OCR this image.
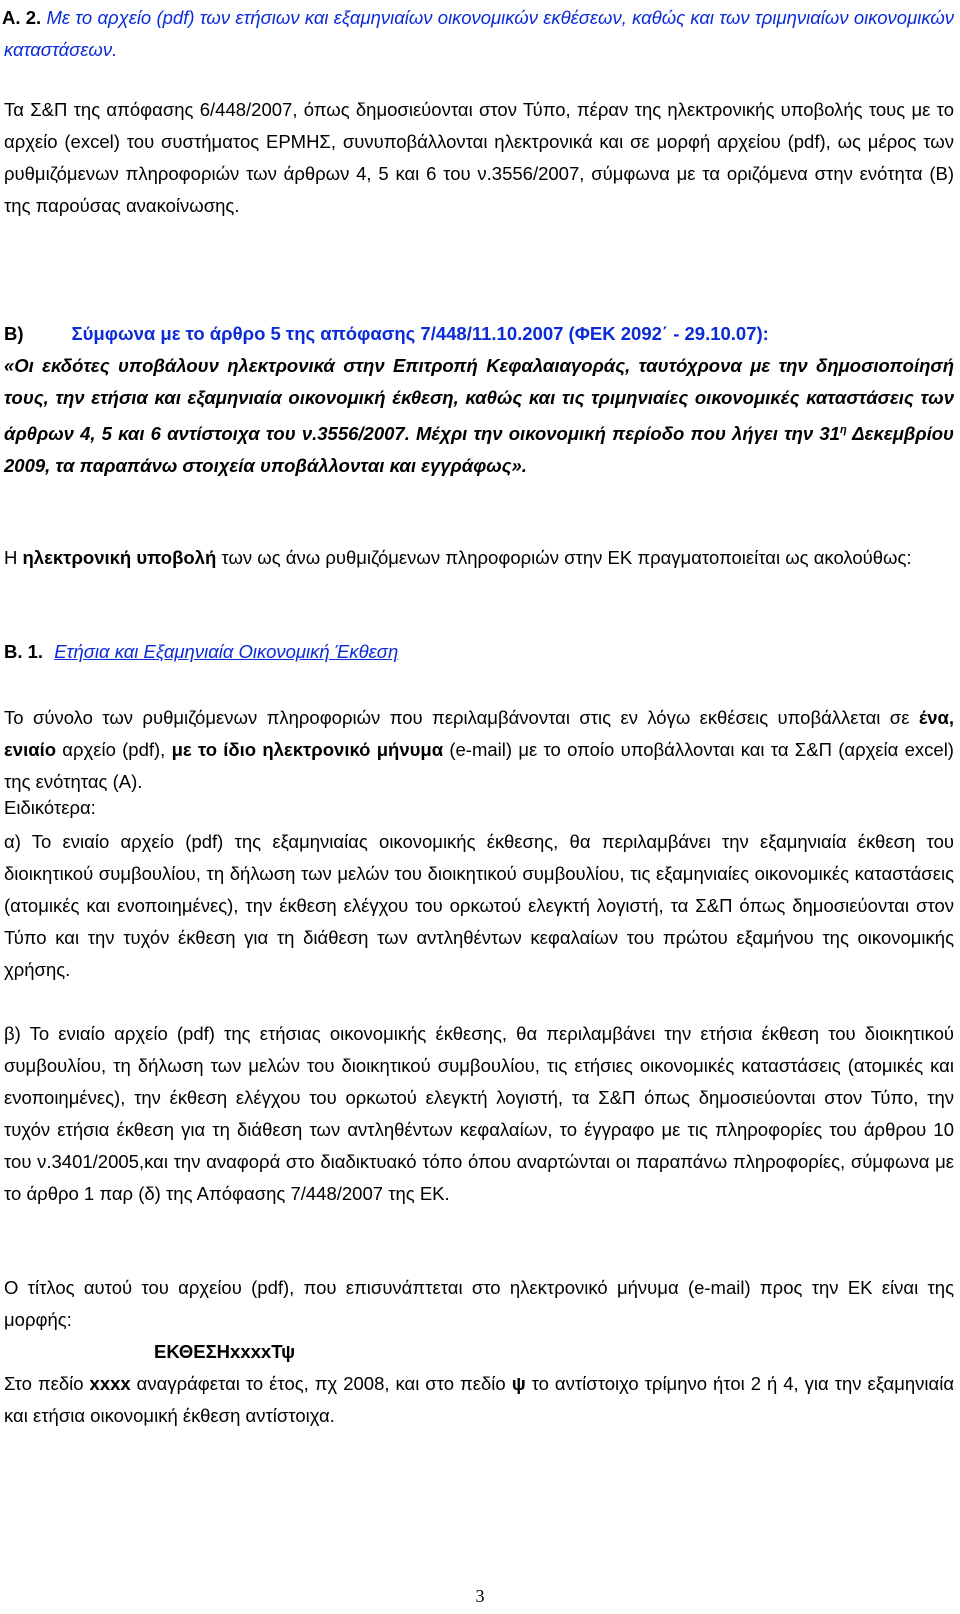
Α. 2. Με το αρχείο (pdf) των ετήσιων και εξαμηνιαίων οικονομικών εκθέσεων, καθώς και των τριμηνιαίων οικονομικών καταστάσεων.

Τα Σ&Π της απόφασης 6/448/2007, όπως δημοσιεύονται στον Τύπο, πέραν της ηλεκτρονικής υποβολής τους με το αρχείο (excel) του συστήματος ΕΡΜΗΣ, συνυποβάλλονται ηλεκτρονικά και σε μορφή αρχείου (pdf), ως μέρος των ρυθμιζόμενων πληροφοριών των άρθρων 4, 5 και 6 του ν.3556/2007, σύμφωνα με τα οριζόμενα στην ενότητα (Β) της παρούσας ανακοίνωσης.

Β)	Σύμφωνα με το άρθρο 5 της απόφασης 7/448/11.10.2007 (ΦΕΚ 2092΄ - 29.10.07):

«Οι εκδότες υποβάλουν ηλεκτρονικά στην Επιτροπή Κεφαλαιαγοράς, ταυτόχρονα με την δημοσιοποίησή τους, την ετήσια και εξαμηνιαία οικονομική έκθεση, καθώς και τις τριμηνιαίες οικονομικές καταστάσεις των άρθρων 4, 5 και 6 αντίστοιχα του ν.3556/2007. Μέχρι την οικονομική περίοδο που λήγει την $31^\eta$ Δεκεμβρίου 2009, τα παραπάνω στοιχεία υποβάλλονται και εγγράφως».

Η ηλεκτρονική υποβολή των ως άνω ρυθμιζόμενων πληροφοριών στην ΕΚ πραγματοποιείται ως ακολούθως:

Β. 1. Ετήσια και Εξαμηνιαία Οικονομική Έκθεση

Το σύνολο των ρυθμιζόμενων πληροφοριών που περιλαμβάνονται στις εν λόγω εκθέσεις υποβάλλεται σε ένα, ενιαίο αρχείο (pdf), με το ίδιο ηλεκτρονικό μήνυμα (e-mail) με το οποίο υποβάλλονται και τα Σ&Π (αρχεία excel) της ενότητας (Α).

Ειδικότερα:

α) Το ενιαίο αρχείο (pdf) της εξαμηνιαίας οικονομικής έκθεσης, θα περιλαμβάνει την εξαμηνιαία έκθεση του διοικητικού συμβουλίου, τη δήλωση των μελών του διοικητικού συμβουλίου, τις εξαμηνιαίες οικονομικές καταστάσεις (ατομικές και ενοποιημένες), την έκθεση ελέγχου του ορκωτού ελεγκτή λογιστή, τα Σ&Π όπως δημοσιεύονται στον Τύπο και την τυχόν έκθεση για τη διάθεση των αντληθέντων κεφαλαίων του πρώτου εξαμήνου της οικονομικής χρήσης.

β) Το ενιαίο αρχείο (pdf) της ετήσιας οικονομικής έκθεσης, θα περιλαμβάνει την ετήσια έκθεση του διοικητικού συμβουλίου, τη δήλωση των μελών του διοικητικού συμβουλίου, τις ετήσιες οικονομικές καταστάσεις (ατομικές και ενοποιημένες), την έκθεση ελέγχου του ορκωτού ελεγκτή λογιστή, τα Σ&Π όπως δημοσιεύονται στον Τύπο, την τυχόν ετήσια έκθεση για τη διάθεση των αντληθέντων κεφαλαίων, το έγγραφο με τις πληροφορίες του άρθρου 10 του ν.3401/2005,και την αναφορά στο διαδικτυακό τόπο όπου αναρτώνται οι παραπάνω πληροφορίες, σύμφωνα με το άρθρο 1 παρ (δ) της Απόφασης 7/448/2007 της ΕΚ.

Ο τίτλος αυτού του αρχείου (pdf), που επισυνάπτεται στο ηλεκτρονικό μήνυμα (e-mail) προς την ΕΚ είναι της μορφής:

ΕΚΘΕΣΗxxxxΤψ

Στο πεδίο xxxx αναγράφεται το έτος, πχ 2008, και στο πεδίο ψ το αντίστοιχο τρίμηνο ήτοι 2 ή 4, για την εξαμηνιαία και ετήσια οικονομική έκθεση αντίστοιχα.

3
